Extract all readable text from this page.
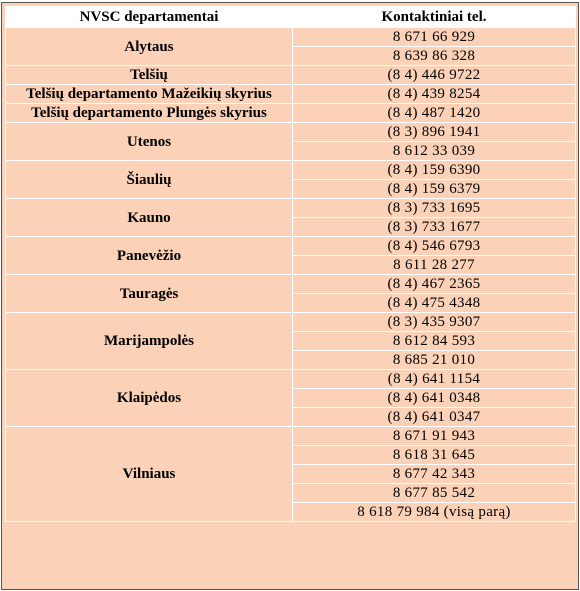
NVSC departamentai	Kontaktiniai tel.
Alytaus	8 671 66 929
	8 639 86 328
Telšių	(8 4) 446 9722
Telšių departamento Mažeikių skyrius	(8 4) 439 8254
Telšių departamento Plungės skyrius	(8 4) 487 1420
Utenos	(8 3) 896 1941
	8 612 33 039
Šiaulių	(8 4) 159 6390
	(8 4) 159 6379
Kauno	(8 3) 733 1695
	(8 3) 733 1677
Panevėžio	(8 4) 546 6793
	8 611 28 277
Tauragės	(8 4) 467 2365
	(8 4) 475 4348
Marijampolės	(8 3) 435 9307
	8 612 84 593
	8 685 21 010
Klaipėdos	(8 4) 641 1154
	(8 4) 641 0348
	(8 4) 641 0347
Vilniaus	8 671 91 943
	8 618 31 645
	8 677 42 343
	8 677 85 542
	8 618 79 984 (visą parą)
